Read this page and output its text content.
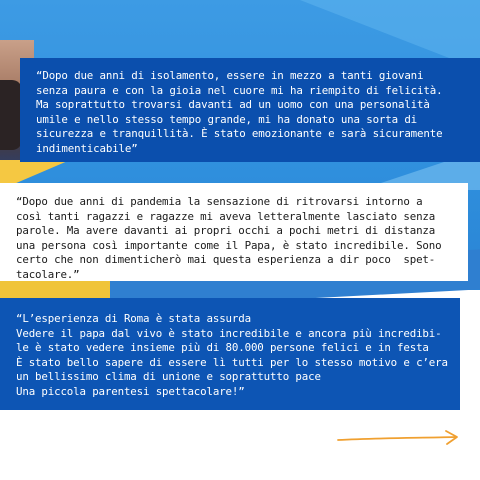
“Dopo due anni di isolamento, essere in mezzo a tanti giovani
senza paura e con la gioia nel cuore mi ha riempito di felicità.
Ma soprattutto trovarsi davanti ad un uomo con una personalità
umile e nello stesso tempo grande, mi ha donato una sorta di
sicurezza e tranquillità. È stato emozionante e sarà sicuramente
indimenticabile”
“Dopo due anni di pandemia la sensazione di ritrovarsi intorno a
così tanti ragazzi e ragazze mi aveva letteralmente lasciato senza
parole. Ma avere davanti ai propri occhi a pochi metri di distanza
una persona così importante come il Papa, è stato incredibile. Sono
certo che non dimenticherò mai questa esperienza a dir poco  spet-
tacolare.”
“L’esperienza di Roma è stata assurda
Vedere il papa dal vivo è stato incredibile e ancora più incredibi-
le è stato vedere insieme più di 80.000 persone felici e in festa
È stato bello sapere di essere lì tutti per lo stesso motivo e c’era
un bellissimo clima di unione e soprattutto pace
Una piccola parentesi spettacolare!”
